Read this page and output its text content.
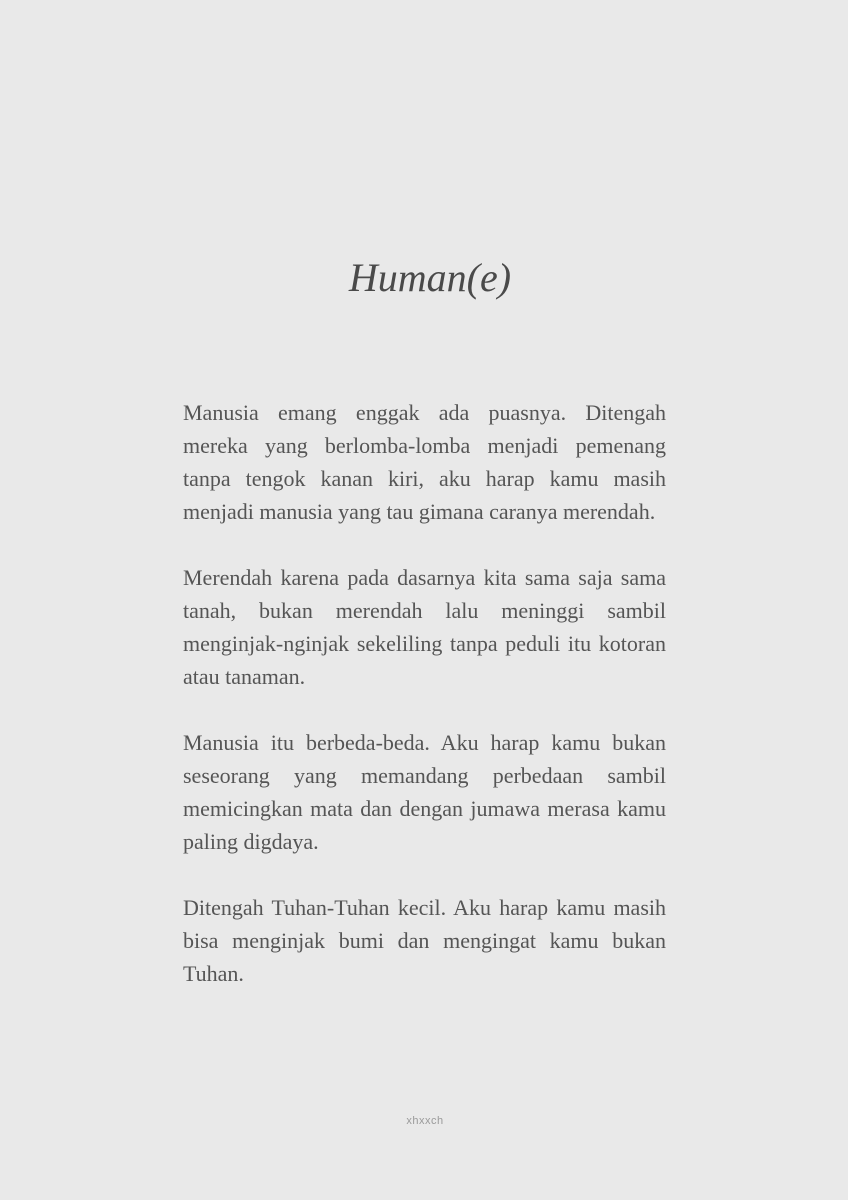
Human(e)

Manusia emang enggak ada puasnya. Ditengah mereka yang berlomba-lomba menjadi pemenang tanpa tengok kanan kiri, aku harap kamu masih menjadi manusia yang tau gimana caranya merendah.

Merendah karena pada dasarnya kita sama saja sama tanah, bukan merendah lalu meninggi sambil menginjak-nginjak sekeliling tanpa peduli itu kotoran atau tanaman.

Manusia itu berbeda-beda. Aku harap kamu bukan seseorang yang memandang perbedaan sambil memicingkan mata dan dengan jumawa merasa kamu paling digdaya.

Ditengah Tuhan-Tuhan kecil. Aku harap kamu masih bisa menginjak bumi dan mengingat kamu bukan Tuhan.

xhxxch
